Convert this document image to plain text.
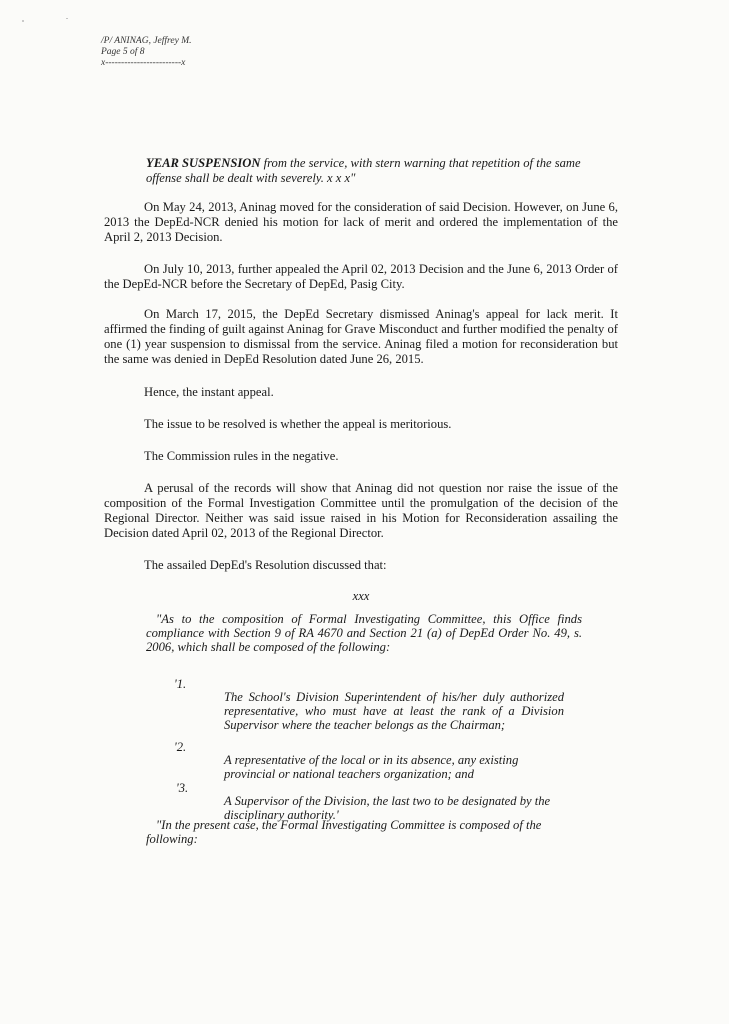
/P/ ANINAG, Jeffrey M.
Page 5 of 8
x------------------------x

YEAR SUSPENSION from the service, with stern warning that repetition of the same offense shall be dealt with severely. x x x"

On May 24, 2013, Aninag moved for the consideration of said Decision. However, on June 6, 2013 the DepEd-NCR denied his motion for lack of merit and ordered the implementation of the April 2, 2013 Decision.

On July 10, 2013, further appealed the April 02, 2013 Decision and the June 6, 2013 Order of the DepEd-NCR before the Secretary of DepEd, Pasig City.

On March 17, 2015, the DepEd Secretary dismissed Aninag's appeal for lack merit. It affirmed the finding of guilt against Aninag for Grave Misconduct and further modified the penalty of one (1) year suspension to dismissal from the service. Aninag filed a motion for reconsideration but the same was denied in DepEd Resolution dated June 26, 2015.

Hence, the instant appeal.

The issue to be resolved is whether the appeal is meritorious.

The Commission rules in the negative.

A perusal of the records will show that Aninag did not question nor raise the issue of the composition of the Formal Investigation Committee until the promulgation of the decision of the Regional Director. Neither was said issue raised in his Motion for Reconsideration assailing the Decision dated April 02, 2013 of the Regional Director.

The assailed DepEd's Resolution discussed that:

xxx

"As to the composition of Formal Investigating Committee, this Office finds compliance with Section 9 of RA 4670 and Section 21 (a) of DepEd Order No. 49, s. 2006, which shall be composed of the following:

'1.

The School's Division Superintendent of his/her duly authorized representative, who must have at least the rank of a Division Supervisor where the teacher belongs as the Chairman;

'2.

A representative of the local or in its absence, any existing provincial or national teachers organization; and

'3.

A Supervisor of the Division, the last two to be designated by the disciplinary authority.'

"In the present case, the Formal Investigating Committee is composed of the following:
